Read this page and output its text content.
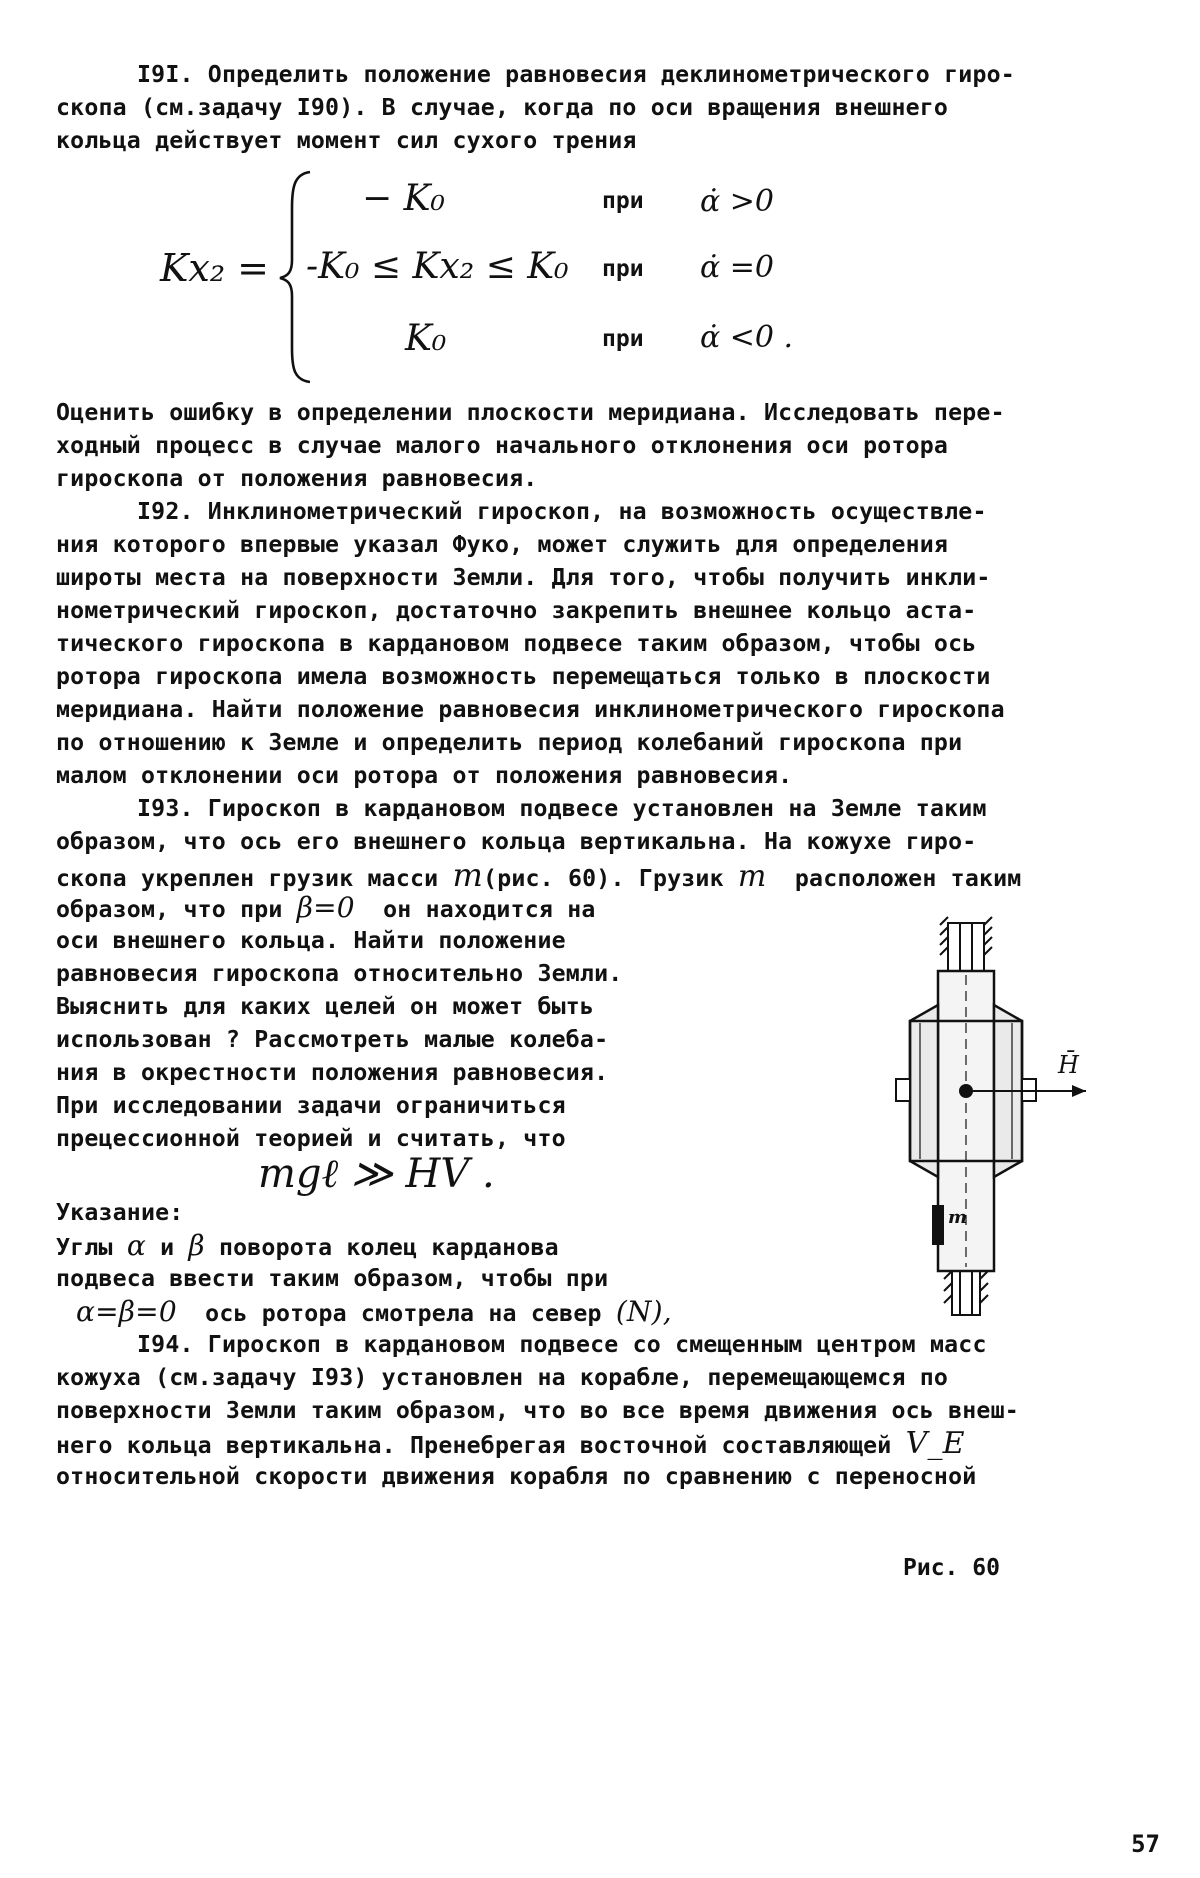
I9I. Определить положение равновесия деклинометрического гиро-
скопа (см.задачу I90). В случае, когда по оси вращения внешнего
кольца действует момент сил сухого трения
Kx₂ =
− K₀	при α̇ >0
-K₀ ≤ Kx₂ ≤ K₀ при α̇ =0
K₀	при α̇ <0 .
Оценить ошибку в определении плоскости меридиана. Исследовать пере-
ходный процесс в случае малого начального отклонения оси ротора
гироскопа от положения равновесия.
I92. Инклинометрический гироскоп, на возможность осуществле-
ния которого впервые указал Фуко, может служить для определения
широты места на поверхности Земли. Для того, чтобы получить инкли-
нометрический гироскоп, достаточно закрепить внешнее кольцо аста-
тического гироскопа в кардановом подвесе таким образом, чтобы ось
ротора гироскопа имела возможность перемещаться только в плоскости
меридиана. Найти положение равновесия инклинометрического гироскопа
по отношению к Земле и определить период колебаний гироскопа при
малом отклонении оси ротора от положения равновесия.
I93. Гироскоп в кардановом подвесе установлен на Земле таким
образом, что ось его внешнего кольца вертикальна. На кожухе гиро-
скопа укреплен грузик масси m(рис. 60). Грузик m  расположен таким
образом, что при β=0  он находится на
оси внешнего кольца. Найти положение
равновесия гироскопа относительно Земли.
Выяснить для каких целей он может быть
использован ? Рассмотреть малые колеба-
ния в окрестности положения равновесия.
При исследовании задачи ограничиться
прецессионной теорией и считать, что
mgℓ ≫ HV .
Указание:
Углы α и β поворота колец карданова
подвеса ввести таким образом, чтобы при
α=β=0  ось ротора смотрела на север (N),
H̄
m
Рис. 60
I94. Гироскоп в кардановом подвесе со смещенным центром масс
кожуха (см.задачу I93) установлен на корабле, перемещающемся по
поверхности Земли таким образом, что во все время движения ось внеш-
него кольца вертикальна. Пренебрегая восточной составляющей V_E
относительной скорости движения корабля по сравнению с переносной
57
